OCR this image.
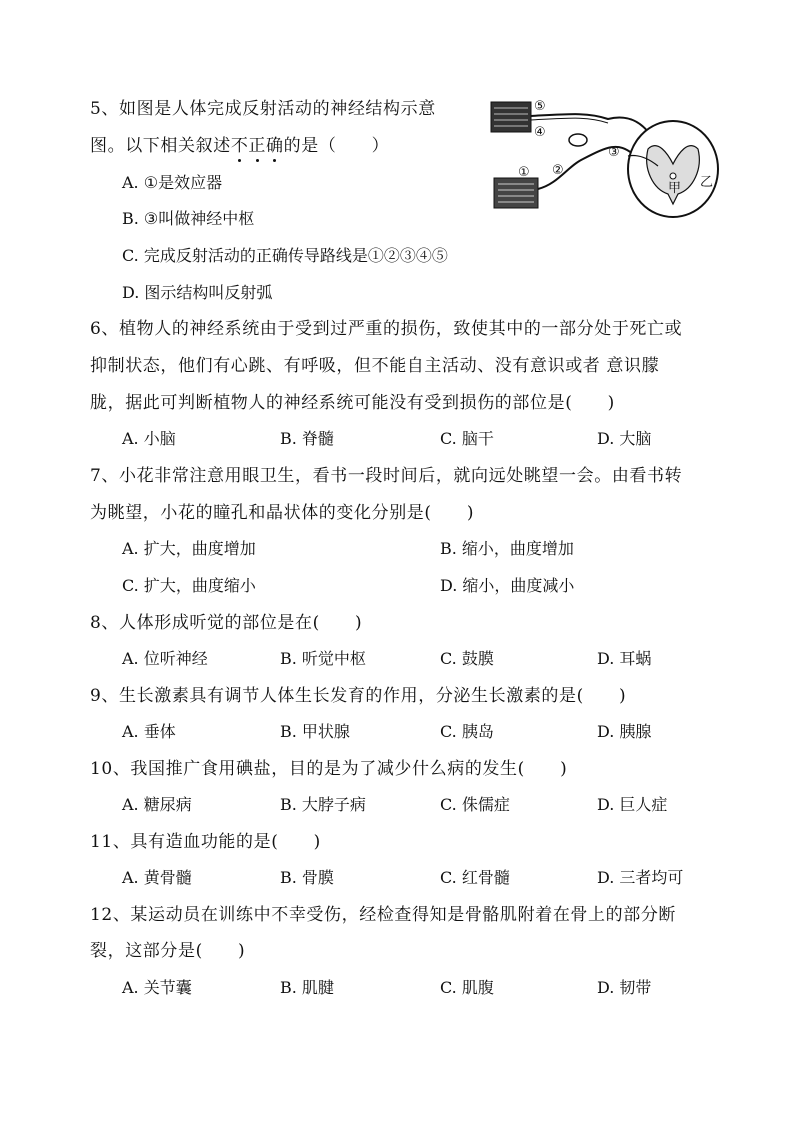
5、如图是人体完成反射活动的神经结构示意
图。以下相关叙述不正确的是（　　）
A. ①是效应器
B. ③叫做神经中枢
C. 完成反射活动的正确传导路线是①②③④⑤
D. 图示结构叫反射弧
⑤
④
②
①
③
甲 乙
6、植物人的神经系统由于受到过严重的损伤，致使其中的一部分处于死亡或
抑制状态，他们有心跳、有呼吸，但不能自主活动、没有意识或者 意识朦
胧，据此可判断植物人的神经系统可能没有受到损伤的部位是(　　)
A. 小脑	B. 脊髓	C. 脑干	D. 大脑
7、小花非常注意用眼卫生，看书一段时间后，就向远处眺望一会。由看书转
为眺望，小花的瞳孔和晶状体的变化分别是(　　)
A. 扩大，曲度增加	B. 缩小，曲度增加
C. 扩大，曲度缩小	D. 缩小，曲度减小
8、人体形成听觉的部位是在(　　)
A. 位听神经	B. 听觉中枢	C. 鼓膜	D. 耳蜗
9、生长激素具有调节人体生长发育的作用，分泌生长激素的是(　　)
A. 垂体	B. 甲状腺	C. 胰岛	D. 胰腺
10、我国推广食用碘盐，目的是为了减少什么病的发生(　　)
A. 糖尿病	B. 大脖子病	C. 侏儒症	D. 巨人症
11、具有造血功能的是(　　)
A. 黄骨髓	B. 骨膜	C. 红骨髓	D. 三者均可
12、某运动员在训练中不幸受伤，经检查得知是骨骼肌附着在骨上的部分断
裂，这部分是(　　)
A. 关节囊	B. 肌腱	C. 肌腹	D. 韧带
